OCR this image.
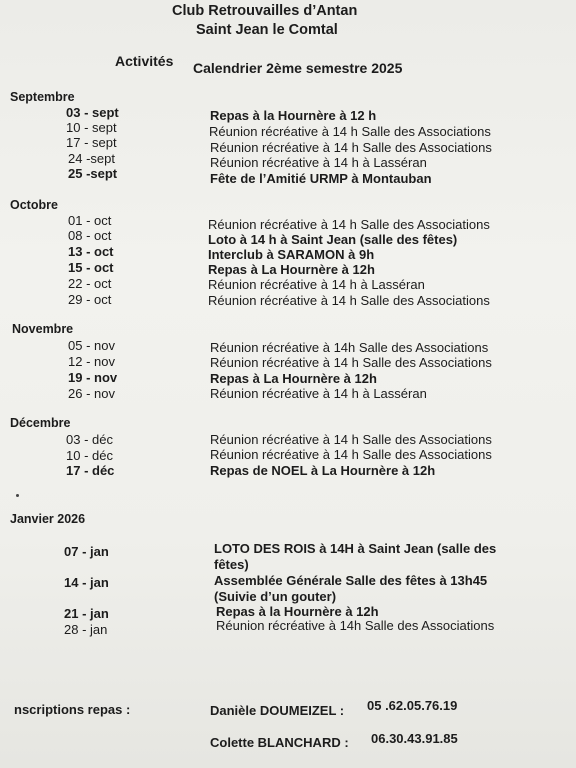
Club Retrouvailles d’Antan
Saint Jean le Comtal
Activités Calendrier 2ème semestre 2025
Septembre
03 - sept	Repas à la Hournère à 12 h
10 - sept	Réunion récréative à 14 h Salle des Associations
17 - sept	Réunion récréative à 14 h Salle des Associations
24 -sept	Réunion récréative à 14 h à Lasséran
25 -sept	Fête de l’Amitié URMP à Montauban
Octobre
01 - oct	Réunion récréative à 14 h Salle des Associations
08 - oct	Loto à 14 h à Saint Jean (salle des fêtes)
13 - oct	Interclub à SARAMON à 9h
15 - oct	Repas à La Hournère à 12h
22 - oct	Réunion récréative à 14 h à Lasséran
29 - oct	Réunion récréative à 14 h Salle des Associations
Novembre
05 - nov	Réunion récréative à 14h Salle des Associations
12 - nov	Réunion récréative à 14 h Salle des Associations
19 - nov	Repas à La Hournère à 12h
26 - nov	Réunion récréative à 14 h à Lasséran
Décembre
03 - déc	Réunion récréative à 14 h Salle des Associations
10 - déc	Réunion récréative à 14 h Salle des Associations
17 - déc	Repas de NOEL à La Hournère à 12h
Janvier 2026
07 - jan	LOTO DES ROIS à 14H à Saint Jean (salle des
fêtes)
14 - jan	Assemblée Générale Salle des fêtes à 13h45
(Suivie d’un gouter)
21 - jan	Repas à la Hournère à 12h
28 - jan	Réunion récréative à 14h Salle des Associations
nscriptions repas :	Danièle DOUMEIZEL : 05 .62.05.76.19
Colette BLANCHARD : 06.30.43.91.85
